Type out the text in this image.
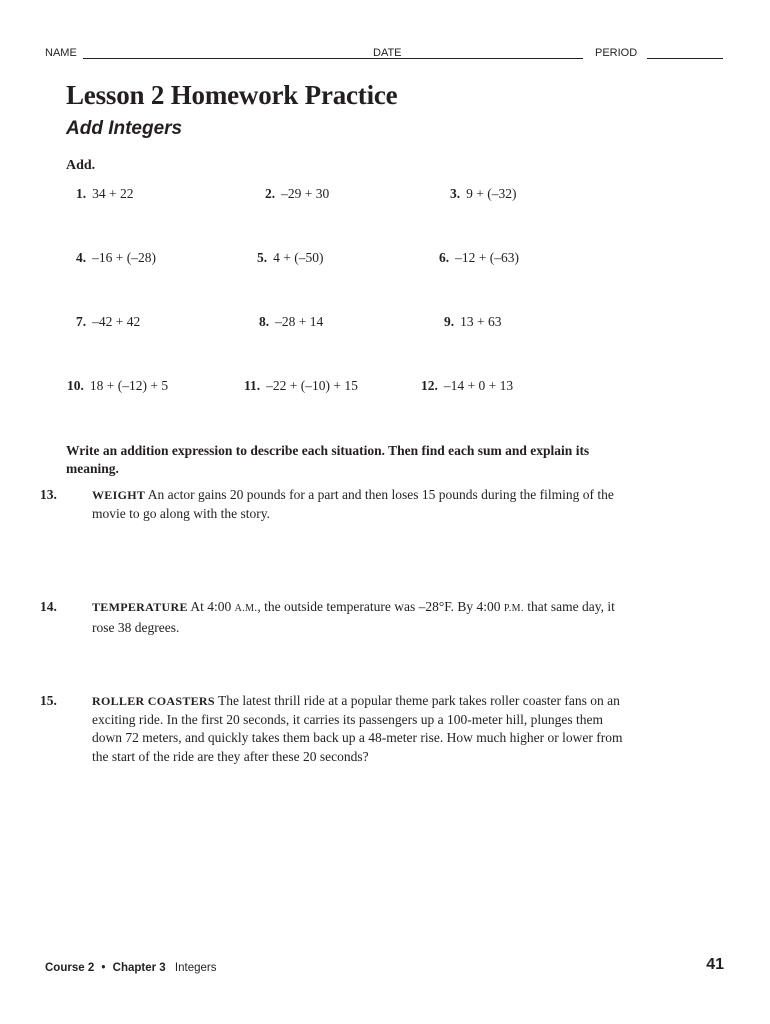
NAME	DATE	PERIOD
Lesson 2 Homework Practice
Add Integers
Add.
1. 34 + 22	2. –29 + 30	3. 9 + (–32)
4. –16 + (–28)	5. 4 + (–50)	6. –12 + (–63)
7. –42 + 42	8. –28 + 14	9. 13 + 63
10. 18 + (–12) + 5	11. –22 + (–10) + 15	12. –14 + 0 + 13
Write an addition expression to describe each situation. Then find each sum and explain its meaning.
13.	WEIGHT An actor gains 20 pounds for a part and then loses 15 pounds during the filming of the movie to go along with the story.
14.	TEMPERATURE At 4:00 A.M., the outside temperature was –28°F. By 4:00 P.M. that same day, it rose 38 degrees.
15.	ROLLER COASTERS The latest thrill ride at a popular theme park takes roller coaster fans on an exciting ride. In the first 20 seconds, it carries its passengers up a 100-meter hill, plunges them down 72 meters, and quickly takes them back up a 48-meter rise. How much higher or lower from the start of the ride are they after these 20 seconds?
Course 2 • Chapter 3 Integers	41
